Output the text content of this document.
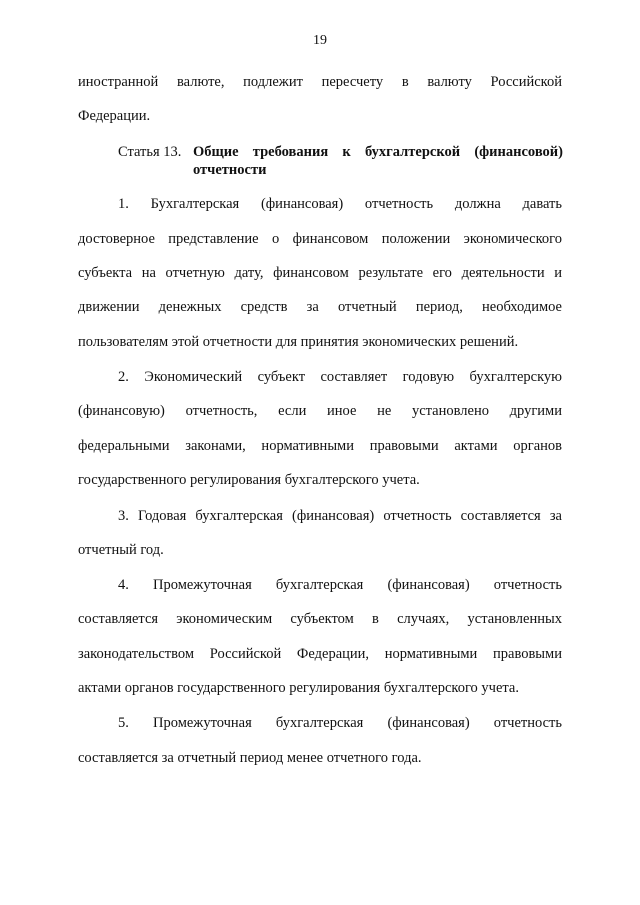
19
иностранной валюте, подлежит пересчету в валюту Российской
Федерации.
Статья 13. Общие требования к бухгалтерской (финансовой)
отчетности
1. Бухгалтерская (финансовая) отчетность должна давать
достоверное представление о финансовом положении экономического
субъекта на отчетную дату, финансовом результате его деятельности и
движении денежных средств за отчетный период, необходимое
пользователям этой отчетности для принятия экономических решений.
2. Экономический субъект составляет годовую бухгалтерскую
(финансовую) отчетность, если иное не установлено другими
федеральными законами, нормативными правовыми актами органов
государственного регулирования бухгалтерского учета.
3. Годовая бухгалтерская (финансовая) отчетность составляется за
отчетный год.
4. Промежуточная бухгалтерская (финансовая) отчетность
составляется экономическим субъектом в случаях, установленных
законодательством Российской Федерации, нормативными правовыми
актами органов государственного регулирования бухгалтерского учета.
5. Промежуточная бухгалтерская (финансовая) отчетность
составляется за отчетный период менее отчетного года.
